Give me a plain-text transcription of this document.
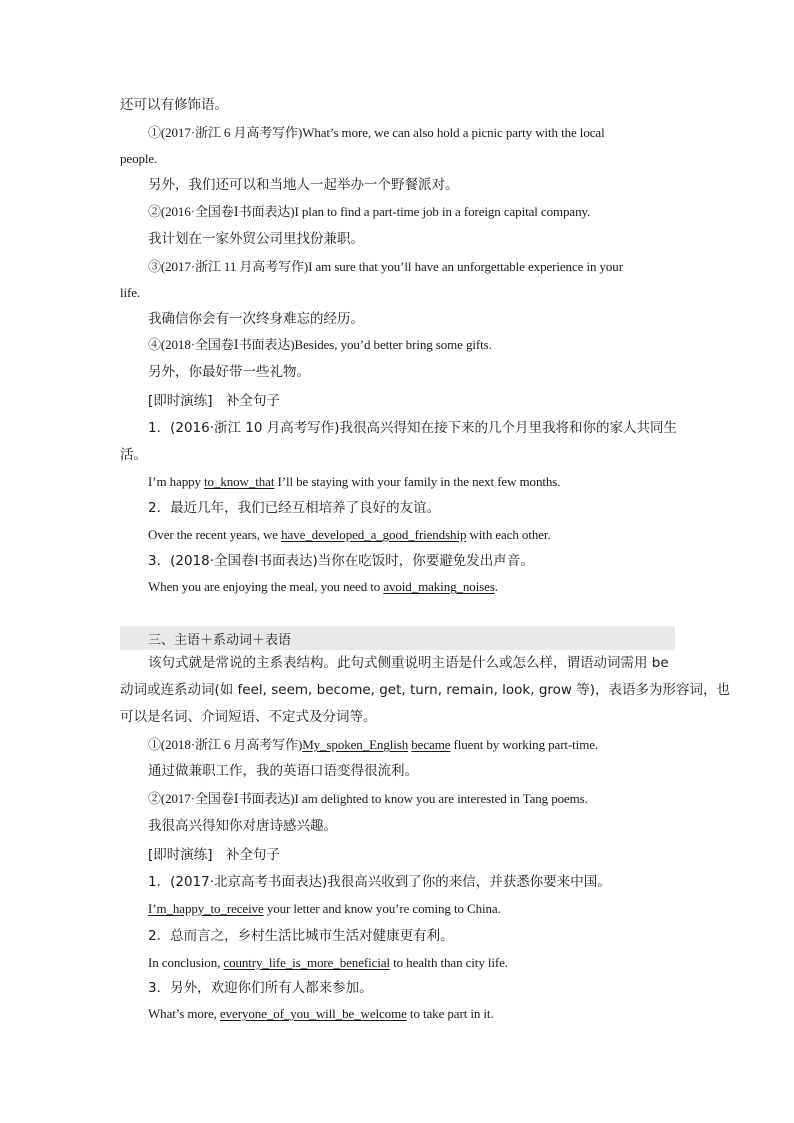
还可以有修饰语。
①(2017·浙江 6 月高考写作)What’s more, we can also hold a picnic party with the local
people.
另外，我们还可以和当地人一起举办一个野餐派对。
②(2016·全国卷Ⅰ书面表达)I plan to find a part-time job in a foreign capital company.
我计划在一家外贸公司里找份兼职。
③(2017·浙江 11 月高考写作)I am sure that you’ll have an unforgettable experience in your
life.
我确信你会有一次终身难忘的经历。
④(2018·全国卷Ⅰ书面表达)Besides, you’d better bring some gifts.
另外，你最好带一些礼物。
[即时演练]　补全句子
1．(2016·浙江 10 月高考写作)我很高兴得知在接下来的几个月里我将和你的家人共同生
活。
I’m happy to_know_that I’ll be staying with your family in the next few months.
2．最近几年，我们已经互相培养了良好的友谊。
Over the recent years, we have_developed_a_good_friendship with each other.
3．(2018·全国卷Ⅰ书面表达)当你在吃饭时，你要避免发出声音。
When you are enjoying the meal, you need to avoid_making_noises.
三、主语＋系动词＋表语
该句式就是常说的主系表结构。此句式侧重说明主语是什么或怎么样，谓语动词需用 be
动词或连系动词(如 feel, seem, become, get, turn, remain, look, grow 等)，表语多为形容词，也
可以是名词、介词短语、不定式及分词等。
①(2018·浙江 6 月高考写作)My_spoken_English became fluent by working part-time.
通过做兼职工作，我的英语口语变得很流利。
②(2017·全国卷Ⅰ书面表达)I am delighted to know you are interested in Tang poems.
我很高兴得知你对唐诗感兴趣。
[即时演练]　补全句子
1．(2017·北京高考书面表达)我很高兴收到了你的来信，并获悉你要来中国。
I’m_happy_to_receive your letter and know you’re coming to China.
2．总而言之，乡村生活比城市生活对健康更有利。
In conclusion, country_life_is_more_beneficial to health than city life.
3．另外，欢迎你们所有人都来参加。
What’s more, everyone_of_you_will_be_welcome to take part in it.
